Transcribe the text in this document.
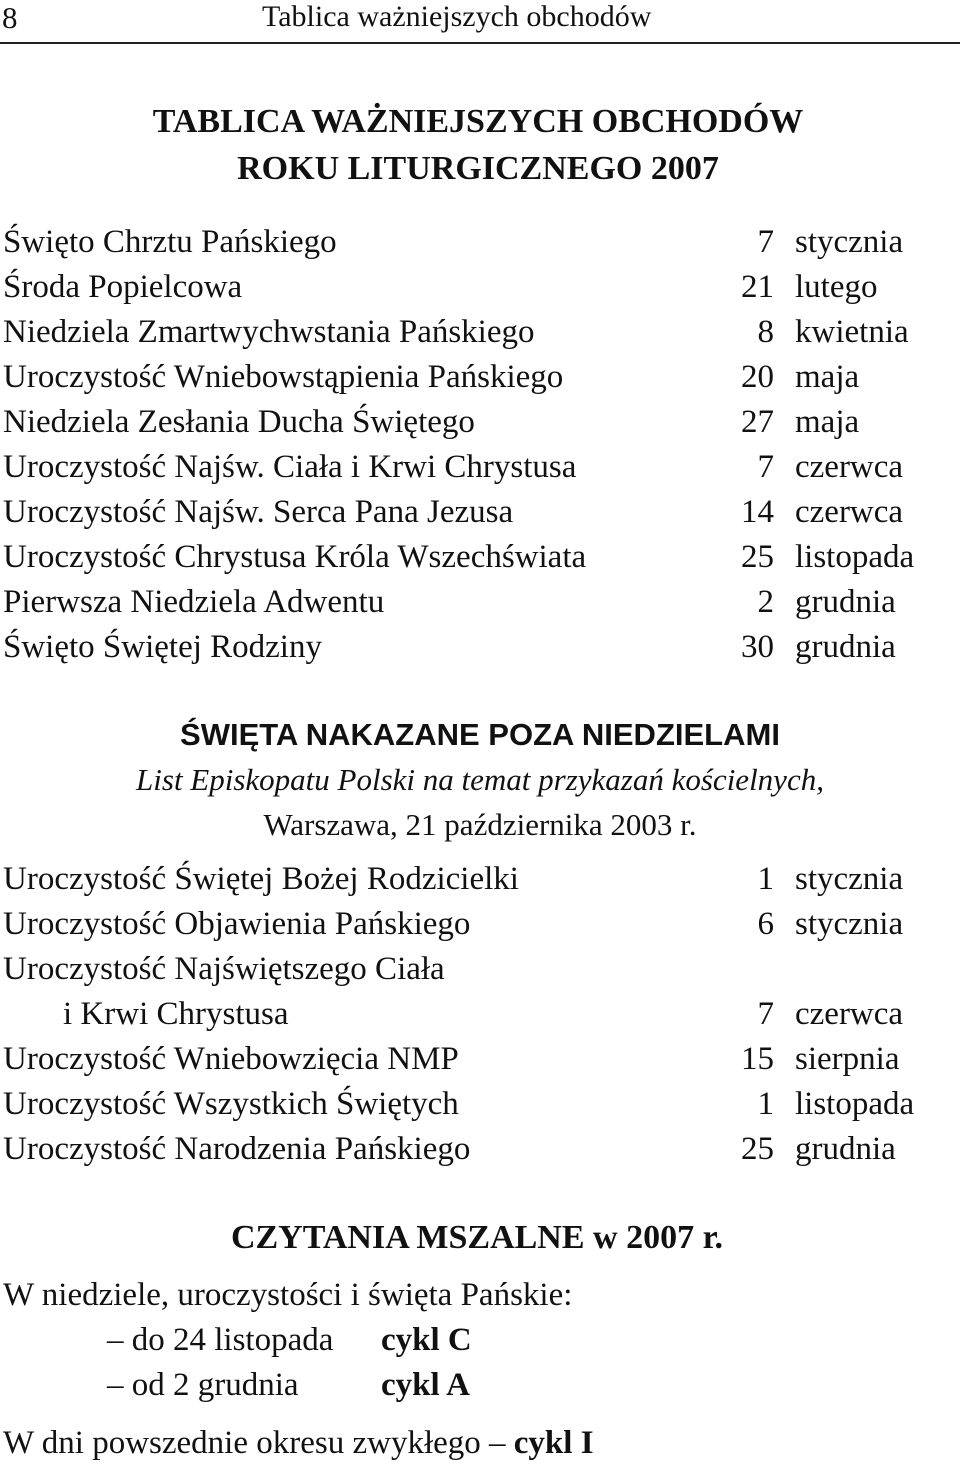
8	Tablica ważniejszych obchodów
TABLICA WAŻNIEJSZYCH OBCHODÓW
ROKU LITURGICZNEGO 2007
Święto Chrztu Pańskiego	7 stycznia
Środa Popielcowa	21 lutego
Niedziela Zmartwychwstania Pańskiego	8 kwietnia
Uroczystość Wniebowstąpienia Pańskiego	20 maja
Niedziela Zesłania Ducha Świętego	27 maja
Uroczystość Najśw. Ciała i Krwi Chrystusa	7 czerwca
Uroczystość Najśw. Serca Pana Jezusa	14 czerwca
Uroczystość Chrystusa Króla Wszechświata	25 listopada
Pierwsza Niedziela Adwentu	2 grudnia
Święto Świętej Rodziny	30 grudnia
ŚWIĘTA NAKAZANE POZA NIEDZIELAMI
List Episkopatu Polski na temat przykazań kościelnych,
Warszawa, 21 października 2003 r.
Uroczystość Świętej Bożej Rodzicielki	1 stycznia
Uroczystość Objawienia Pańskiego	6 stycznia
Uroczystość Najświętszego Ciała
i Krwi Chrystusa	7 czerwca
Uroczystość Wniebowzięcia NMP	15 sierpnia
Uroczystość Wszystkich Świętych	1 listopada
Uroczystość Narodzenia Pańskiego	25 grudnia
CZYTANIA MSZALNE w 2007 r.
W niedziele, uroczystości i święta Pańskie:
– do 24 listopada cykl C
– od 2 grudnia cykl A
W dni powszednie okresu zwykłego – cykl I
